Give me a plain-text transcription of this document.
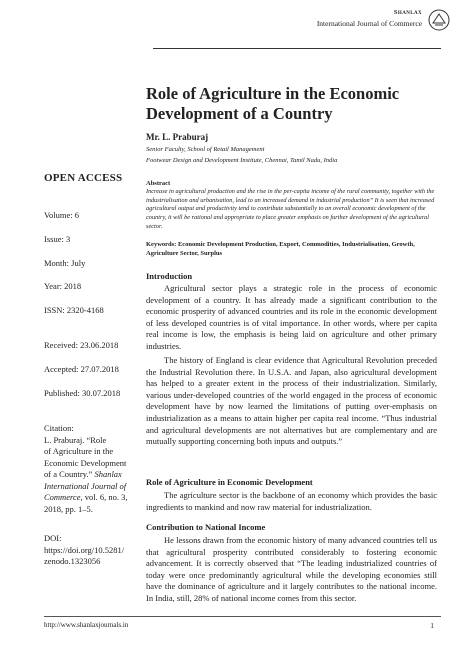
Shanlax
International Journal of Commerce
Role of Agriculture in the Economic Development of a Country
Mr. L. Praburaj
Senior Faculty, School of Retail Management
Footwear Design and Development Institute, Chennai, Tamil Nadu, India
OPEN ACCESS
Volume: 6
Issue: 3
Month: July
Year: 2018
ISSN: 2320-4168
Received: 23.06.2018
Accepted: 27.07.2018
Published: 30.07.2018
Citation:
L. Praburaj. “Role
of Agriculture in the
Economic Development
of a Country.” Shanlax
International Journal of
Commerce, vol. 6, no. 3,
2018, pp. 1–5.
DOI:
https://doi.org/10.5281/
zenodo.1323056
Abstract
Increase in agricultural production and the rise in the per-capita income of the rural community, together with the industrialisation and urbanisation, lead to an increased demand in industrial production” It is seen that increased agricultural output and productivity tend to contribute substantially to an overall economic development of the country, it will be rational and appropriate to place greater emphasis on further development of the agricultural sector.
Keywords: Economic Development Production, Export, Commodities, Industrialisation, Growth, Agriculture Sector, Surplus
Introduction
Agricultural sector plays a strategic role in the process of economic development of a country. It has already made a significant contribution to the economic prosperity of advanced countries and its role in the economic development of less developed countries is of vital importance. In other words, where per capita real income is low, the emphasis is being laid on agriculture and other primary industries.
The history of England is clear evidence that Agricultural Revolution preceded the Industrial Revolution there. In U.S.A. and Japan, also agricultural development has helped to a greater extent in the process of their industrialization. Similarly, various under-developed countries of the world engaged in the process of economic development have by now learned the limitations of putting over-emphasis on industrialization as a means to attain higher per capita real income. “Thus industrial and agricultural developments are not alternatives but are complementary and are mutually supporting concerning both inputs and outputs.”
Role of Agriculture in Economic Development
The agriculture sector is the backbone of an economy which provides the basic ingredients to mankind and now raw material for industrialization.
Contribution to National Income
He lessons drawn from the economic history of many advanced countries tell us that agricultural prosperity contributed considerably to fostering economic advancement. It is correctly observed that “The leading industrialized countries of today were once predominantly agricultural while the developing economies still have the dominance of agriculture and it largely contributes to the national income. In India, still, 28% of national income comes from this sector.
http://www.shanlaxjournals.in	1
